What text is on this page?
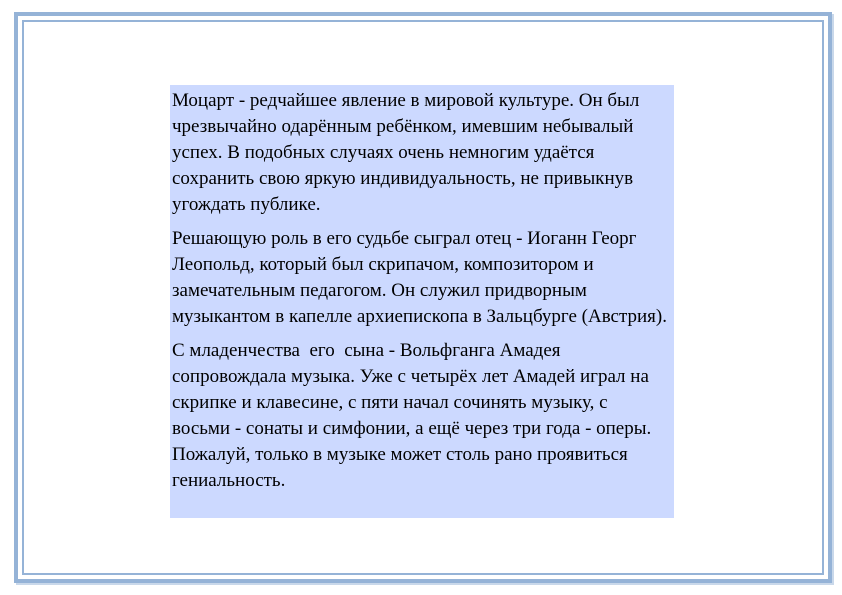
Моцарт - редчайшее явление в мировой культуре. Он был чрезвычайно одарённым ребёнком, имевшим небывалый успех. В подобных случаях очень немногим удаётся сохранить свою яркую индивидуальность, не привыкнув угождать публике.

Решающую роль в его судьбе сыграл отец - Иоганн Георг Леопольд, который был скрипачом, композитором и замечательным педагогом. Он служил придворным музыкантом в капелле архиепископа в Зальцбурге (Австрия).

С младенчества  его  сына - Вольфганга Амадея сопровождала музыка. Уже с четырёх лет Амадей играл на скрипке и клавесине, с пяти начал сочинять музыку, с восьми - сонаты и симфонии, а ещё через три года - оперы. Пожалуй, только в музыке может столь рано проявиться гениальность.
